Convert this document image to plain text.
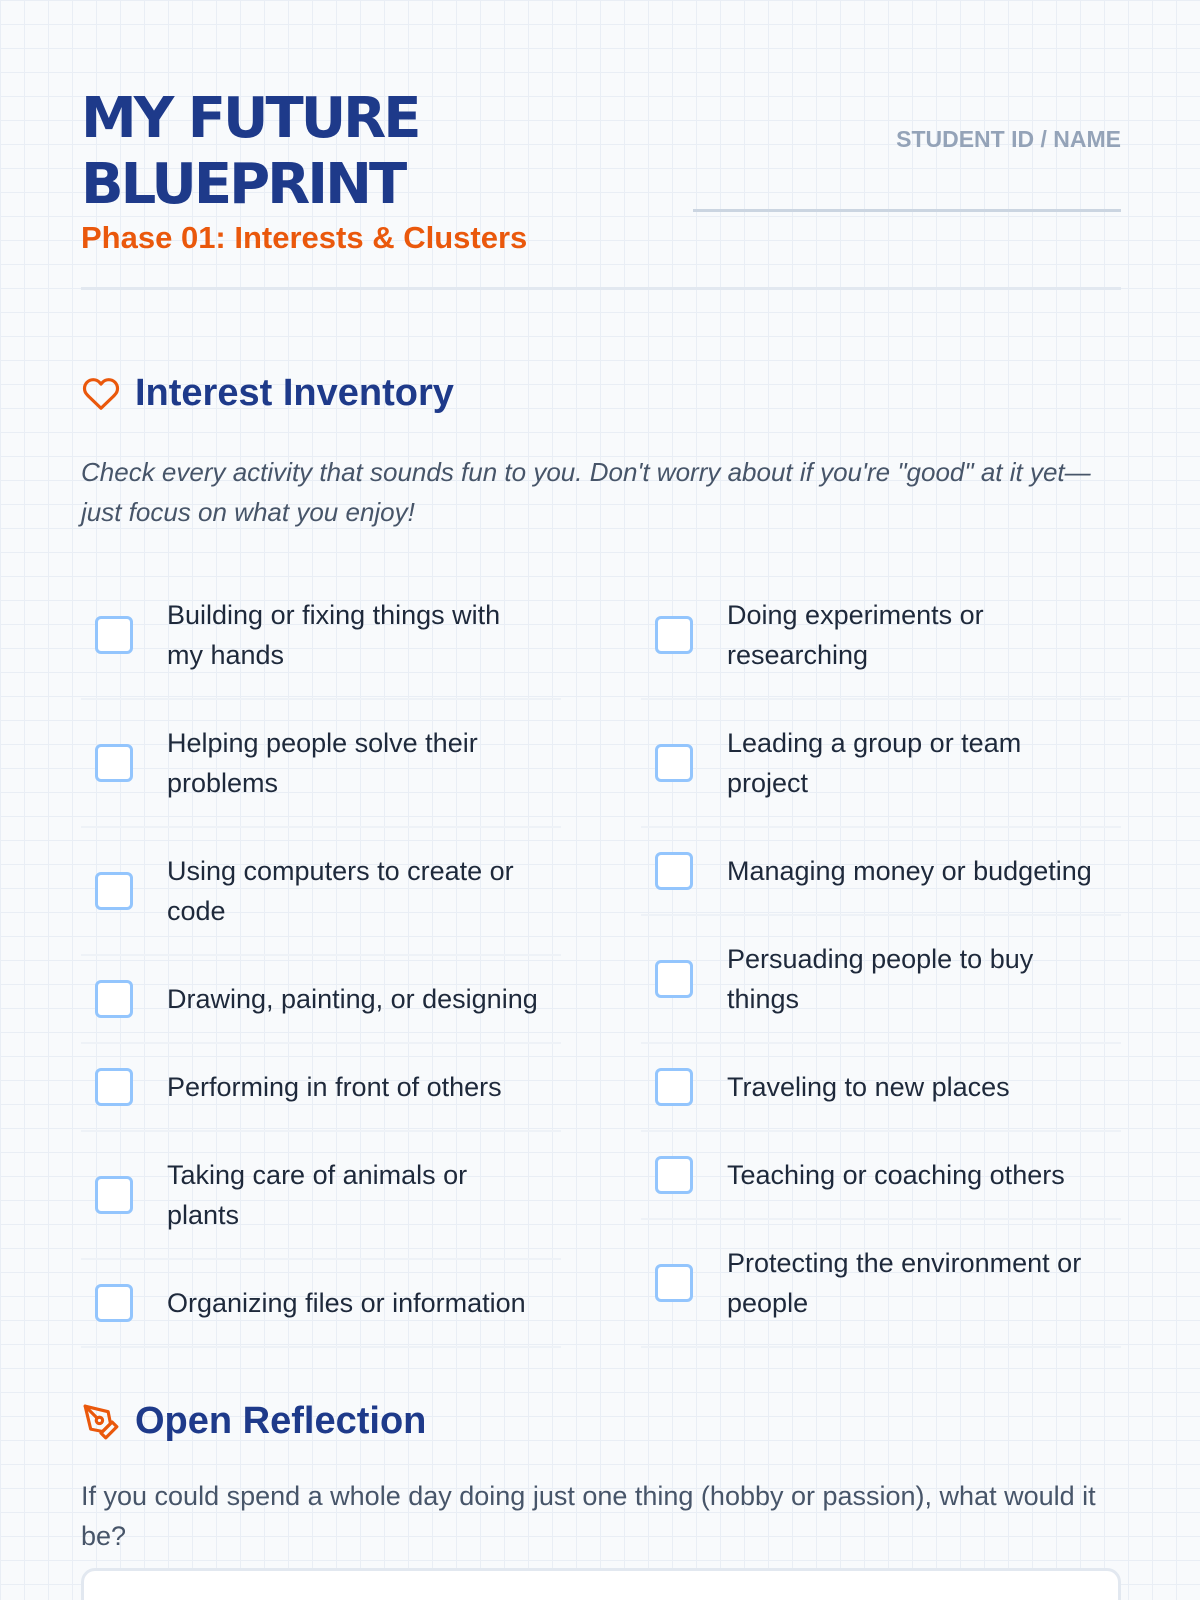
MY FUTURE BLUEPRINT
Phase 01: Interests & Clusters
STUDENT ID / NAME
Interest Inventory

Check every activity that sounds fun to you. Don't worry about if you're "good" at it yet—just focus on what you enjoy!

Building or fixing things with my hands
Helping people solve their problems
Using computers to create or code
Drawing, painting, or designing
Performing in front of others
Taking care of animals or plants
Organizing files or information
Doing experiments or researching
Leading a group or team project
Managing money or budgeting
Persuading people to buy things
Traveling to new places
Teaching or coaching others
Protecting the environment or people
Open Reflection

If you could spend a whole day doing just one thing (hobby or passion), what would it be?
